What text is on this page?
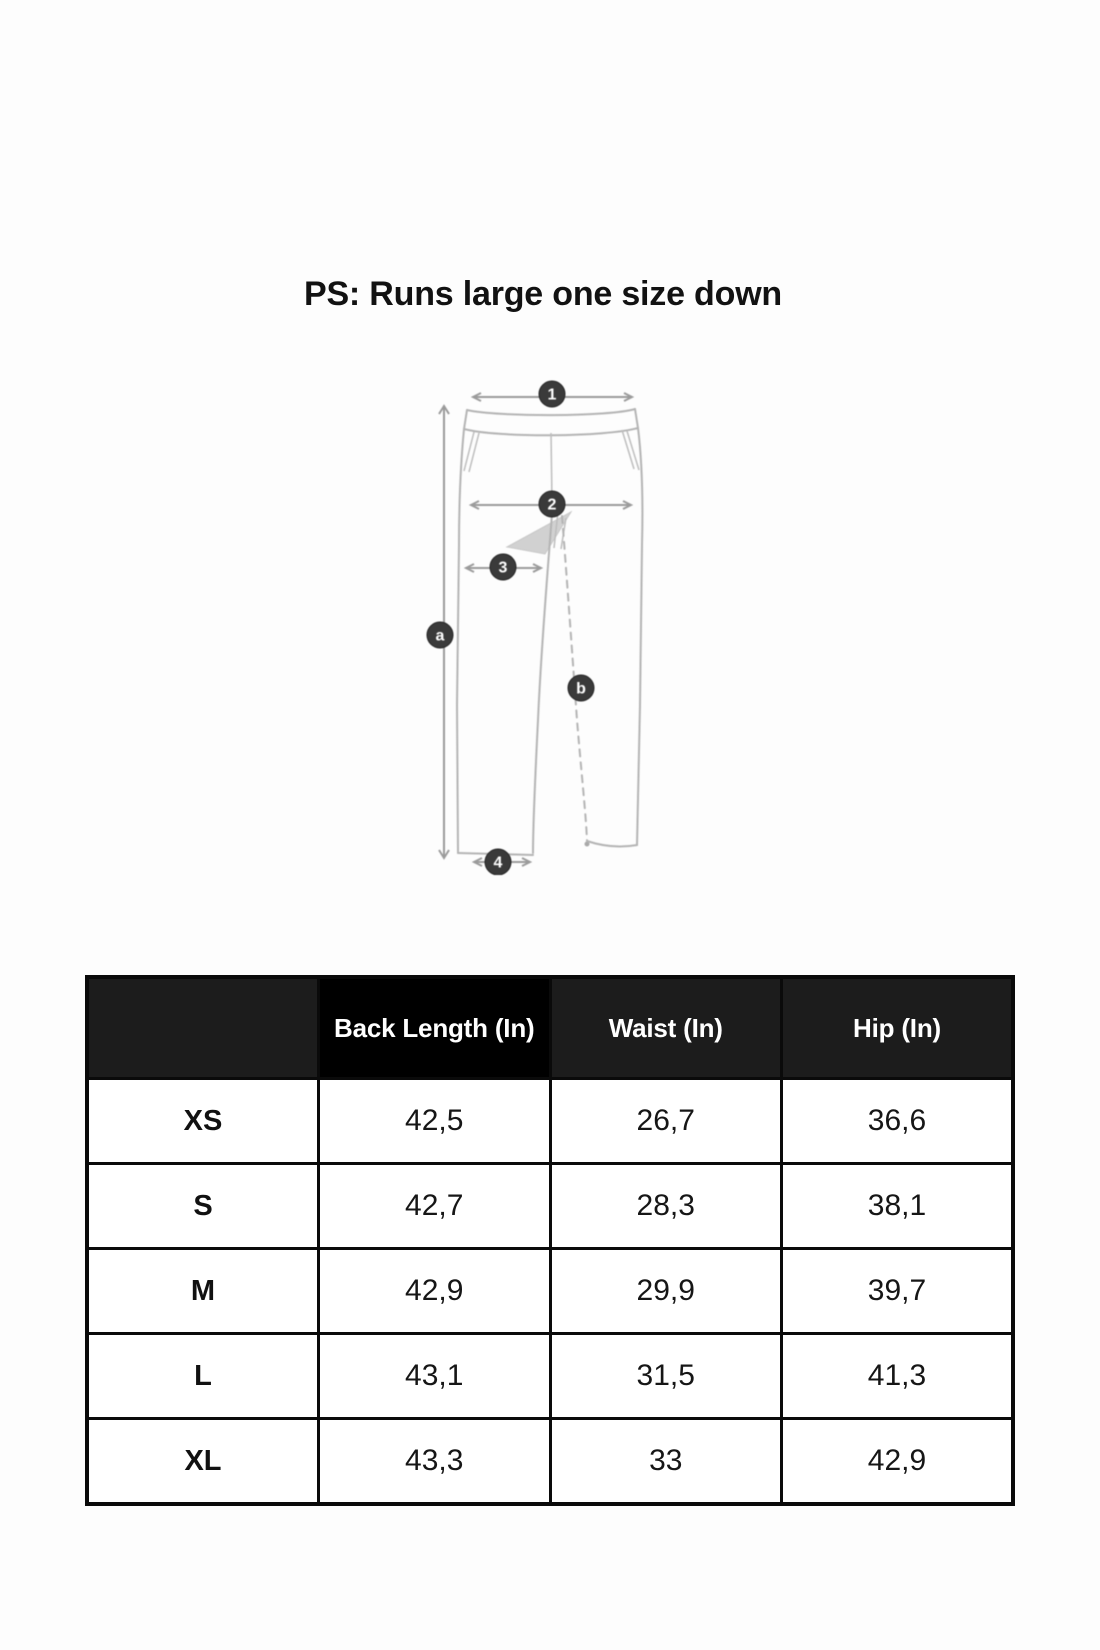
PS: Runs large one size down
1
2
3
4
a
b
	Back Length (In)	Waist (In)	Hip (In)
XS	42,5	26,7	36,6
S	42,7	28,3	38,1
M	42,9	29,9	39,7
L	43,1	31,5	41,3
XL	43,3	33	42,9
